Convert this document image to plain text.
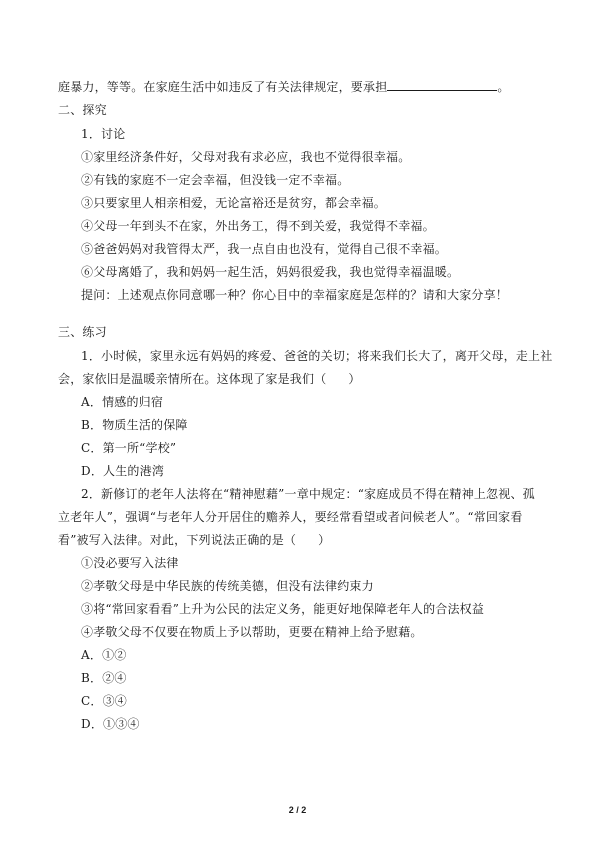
庭暴力，等等。在家庭生活中如违反了有关法律规定，要承担	。
二、探究
1．讨论
①家里经济条件好，父母对我有求必应，我也不觉得很幸福。
②有钱的家庭不一定会幸福，但没钱一定不幸福。
③只要家里人相亲相爱，无论富裕还是贫穷，都会幸福。
④父母一年到头不在家，外出务工，得不到关爱，我觉得不幸福。
⑤爸爸妈妈对我管得太严，我一点自由也没有，觉得自己很不幸福。
⑥父母离婚了，我和妈妈一起生活，妈妈很爱我，我也觉得幸福温暖。
提问：上述观点你同意哪一种？你心目中的幸福家庭是怎样的？请和大家分享！
三、练习
1．小时候，家里永远有妈妈的疼爱、爸爸的关切；将来我们长大了，离开父母，走上社
会，家依旧是温暖亲情所在。这体现了家是我们（ ）
A．情感的归宿
B．物质生活的保障
C．第一所“学校”
D．人生的港湾
2．新修订的老年人法将在“精神慰藉”一章中规定：“家庭成员不得在精神上忽视、孤
立老年人”，强调“与老年人分开居住的赡养人，要经常看望或者问候老人”。“常回家看
看”被写入法律。对此，下列说法正确的是（ ）
①没必要写入法律
②孝敬父母是中华民族的传统美德，但没有法律约束力
③将“常回家看看”上升为公民的法定义务，能更好地保障老年人的合法权益
④孝敬父母不仅要在物质上予以帮助，更要在精神上给予慰藉。
A．①②
B．②④
C．③④
D．①③④
2 / 2
